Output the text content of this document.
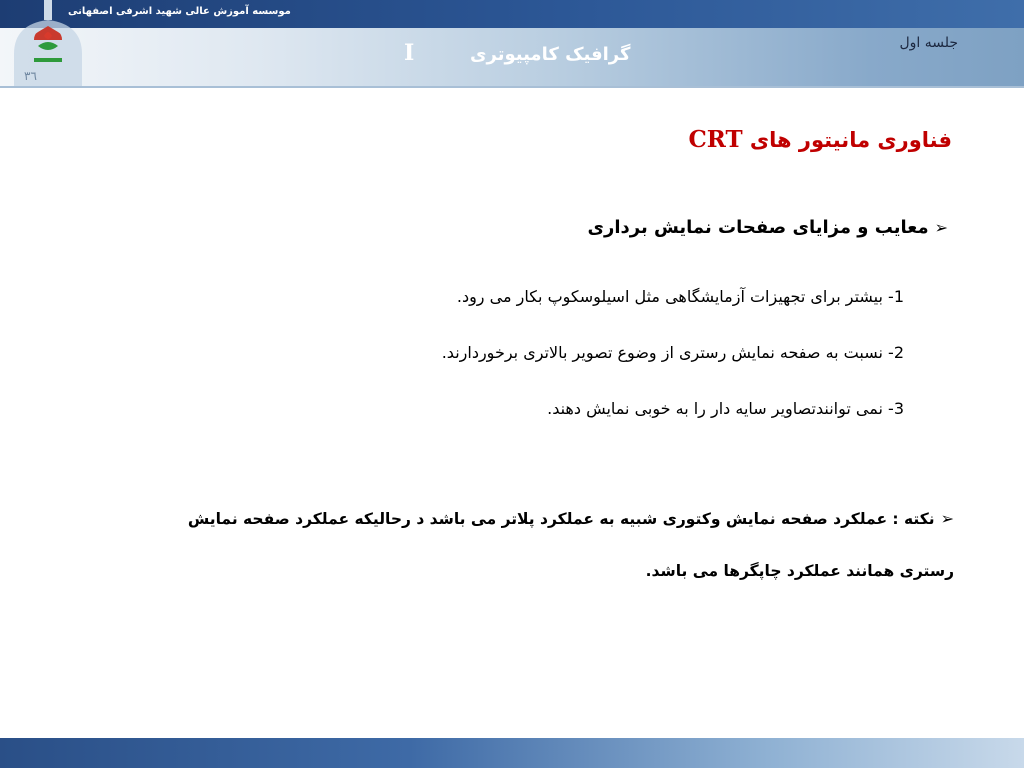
موسسه آموزش عالی شهید اشرفی اصفهانی
٣٦
I	گرافیک کامپیوتری
جلسه اول
فناوری مانیتور های CRT
➢معایب و مزایای صفحات نمایش برداری
1- بیشتر برای تجهیزات آزمایشگاهی مثل اسیلوسکوپ بکار می رود.
2- نسبت به صفحه نمایش رستری از وضوع تصویر بالاتری برخوردارند.
3- نمی توانندتصاویر سایه دار را به خوبی نمایش دهند.
➢نکته : عملکرد صفحه نمایش وکتوری شبیه به عملکرد پلاتر می باشد د رحالیکه عملکرد صفحه نمایش
رستری همانند عملکرد چاپگرها می باشد.
